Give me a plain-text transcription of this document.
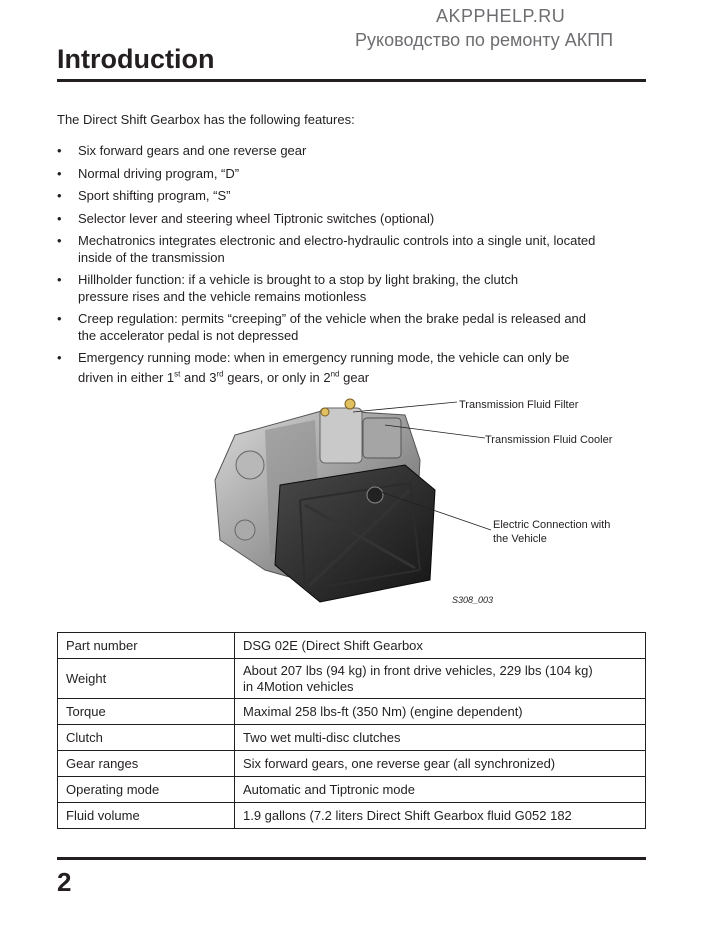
AKPPHELP.RU
Руководство по ремонту АКПП
Introduction
The Direct Shift Gearbox has the following features:
• Six forward gears and one reverse gear
• Normal driving program, “D”
• Sport shifting program, “S”
• Selector lever and steering wheel Tiptronic switches (optional)
• Mechatronics integrates electronic and electro-hydraulic controls into a single unit, located
inside of the transmission
• Hillholder function: if a vehicle is brought to a stop by light braking, the clutch
pressure rises and the vehicle remains motionless
• Creep regulation: permits “creeping” of the vehicle when the brake pedal is released and
the accelerator pedal is not depressed
• Emergency running mode: when in emergency running mode, the vehicle can only be
driven in either 1st and 3rd gears, or only in 2nd gear
Transmission Fluid Filter
Transmission Fluid Cooler
Electric Connection with
the Vehicle
S308_003
Part number	DSG 02E (Direct Shift Gearbox
Weight	About 207 lbs (94 kg) in front drive vehicles, 229 lbs (104 kg)
in 4Motion vehicles
Torque	Maximal 258 lbs-ft (350 Nm) (engine dependent)
Clutch	Two wet multi-disc clutches
Gear ranges	Six forward gears, one reverse gear (all synchronized)
Operating mode	Automatic and Tiptronic mode
Fluid volume	1.9 gallons (7.2 liters Direct Shift Gearbox fluid G052 182
2
